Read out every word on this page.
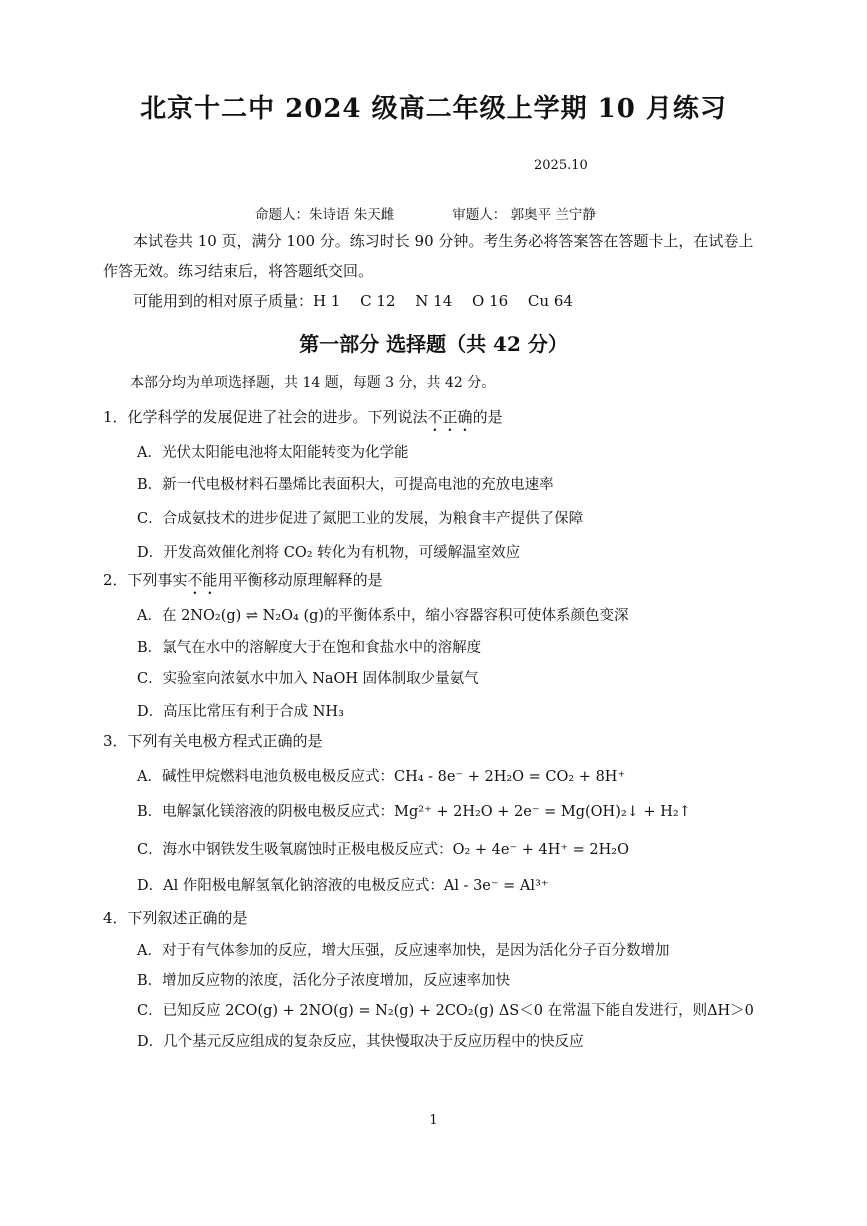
北京十二中 2024 级高二年级上学期 10 月练习
2025.10
命题人：朱诗语 朱天雌	审题人： 郭奥平 兰宁静

本试卷共 10 页，满分 100 分。练习时长 90 分钟。考生务必将答案答在答题卡上，在试卷上

作答无效。练习结束后，将答题纸交回。

可能用到的相对原子质量：H 1　 C 12　 N 14　 O 16　 Cu 64

第一部分 选择题（共 42 分）
本部分均为单项选择题，共 14 题，每题 3 分，共 42 分。
1．化学科学的发展促进了社会的进步。下列说法不正确的是
A．光伏太阳能电池将太阳能转变为化学能
B．新一代电极材料石墨烯比表面积大，可提高电池的充放电速率
C．合成氨技术的进步促进了氮肥工业的发展，为粮食丰产提供了保障
D．开发高效催化剂将 CO₂ 转化为有机物，可缓解温室效应
2．下列事实不能用平衡移动原理解释的是
A．在 2NO₂(g) ⇌ N₂O₄ (g)的平衡体系中，缩小容器容积可使体系颜色变深
B．氯气在水中的溶解度大于在饱和食盐水中的溶解度
C．实验室向浓氨水中加入 NaOH 固体制取少量氨气
D．高压比常压有利于合成 NH₃
3．下列有关电极方程式正确的是
A．碱性甲烷燃料电池负极电极反应式：CH₄ - 8e⁻ + 2H₂O = CO₂ + 8H⁺
B．电解氯化镁溶液的阴极电极反应式：Mg²⁺ + 2H₂O + 2e⁻ = Mg(OH)₂↓ + H₂↑
C．海水中钢铁发生吸氧腐蚀时正极电极反应式：O₂ + 4e⁻ + 4H⁺ = 2H₂O
D．Al 作阳极电解氢氧化钠溶液的电极反应式：Al - 3e⁻ = Al³⁺
4．下列叙述正确的是
A．对于有气体参加的反应，增大压强，反应速率加快，是因为活化分子百分数增加
B．增加反应物的浓度，活化分子浓度增加，反应速率加快
C．已知反应 2CO(g) + 2NO(g) = N₂(g) + 2CO₂(g) ΔS＜0 在常温下能自发进行，则ΔH＞0
D．几个基元反应组成的复杂反应，其快慢取决于反应历程中的快反应
1
